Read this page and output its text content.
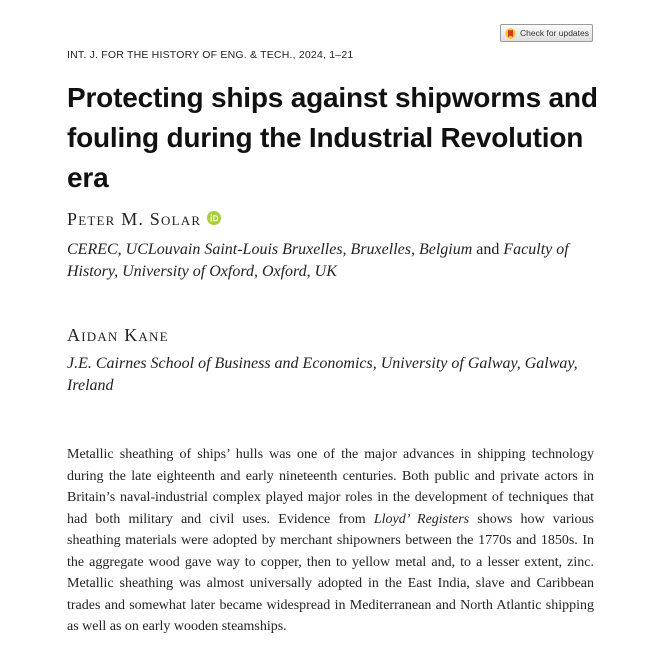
Check for updates
INT. J. FOR THE HISTORY OF ENG. & TECH., 2024, 1–21
Protecting ships against shipworms and fouling during the Industrial Revolution era
Peter M. Solar
CEREC, UCLouvain Saint-Louis Bruxelles, Bruxelles, Belgium and Faculty of History, University of Oxford, Oxford, UK
Aidan Kane
J.E. Cairnes School of Business and Economics, University of Galway, Galway, Ireland

Metallic sheathing of ships’ hulls was one of the major advances in shipping technology during the late eighteenth and early nineteenth centuries. Both public and private actors in Britain’s naval-industrial complex played major roles in the development of techniques that had both military and civil uses. Evidence from Lloyd’ Registers shows how various sheathing materials were adopted by merchant shipowners between the 1770s and 1850s. In the aggregate wood gave way to copper, then to yellow metal and, to a lesser extent, zinc. Metallic sheathing was almost universally adopted in the East India, slave and Caribbean trades and somewhat later became widespread in Mediterranean and North Atlantic shipping as well as on early wooden steamships.
